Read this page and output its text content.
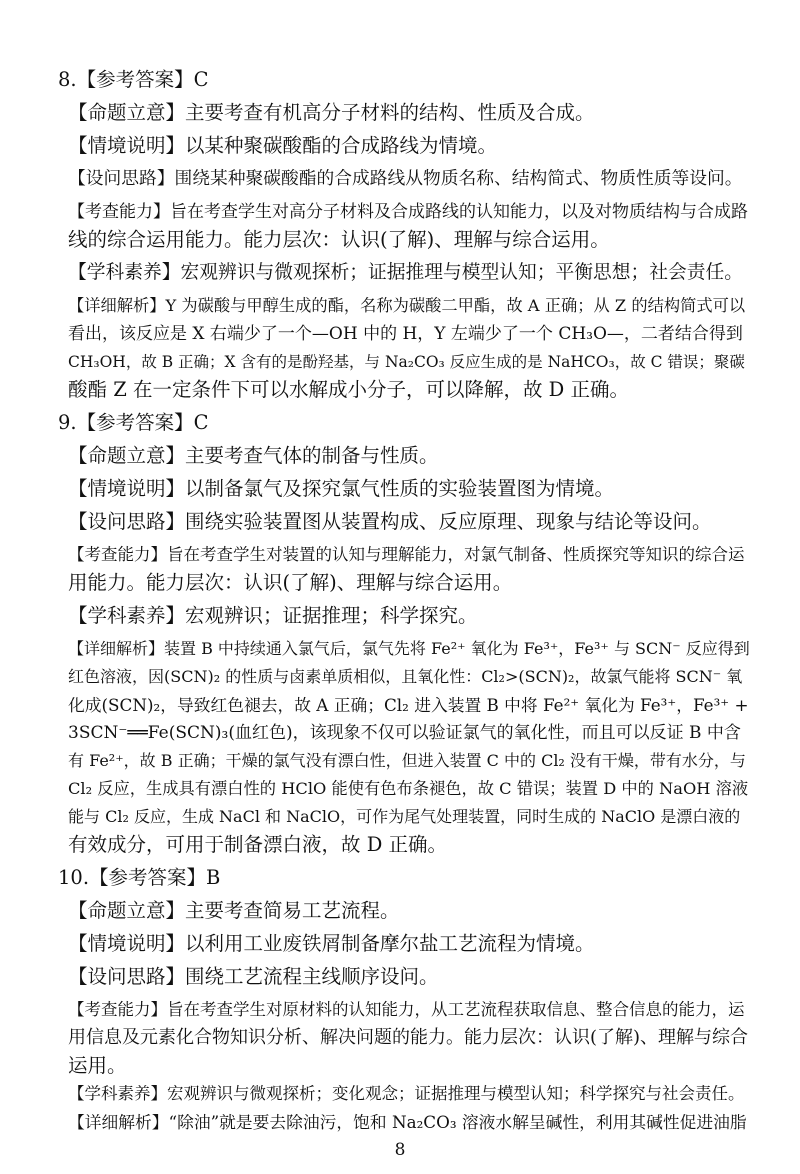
8.【参考答案】C
【命题立意】主要考查有机高分子材料的结构、性质及合成。
【情境说明】以某种聚碳酸酯的合成路线为情境。
【设问思路】围绕某种聚碳酸酯的合成路线从物质名称、结构简式、物质性质等设问。
【考查能力】旨在考查学生对高分子材料及合成路线的认知能力，以及对物质结构与合成路
线的综合运用能力。能力层次：认识(了解)、理解与综合运用。
【学科素养】宏观辨识与微观探析；证据推理与模型认知；平衡思想；社会责任。
【详细解析】Y 为碳酸与甲醇生成的酯，名称为碳酸二甲酯，故 A 正确；从 Z 的结构简式可以
看出，该反应是 X 右端少了一个—OH 中的 H，Y 左端少了一个 CH₃O—，二者结合得到
CH₃OH，故 B 正确；X 含有的是酚羟基，与 Na₂CO₃ 反应生成的是 NaHCO₃，故 C 错误；聚碳
酸酯 Z 在一定条件下可以水解成小分子，可以降解，故 D 正确。
9.【参考答案】C
【命题立意】主要考查气体的制备与性质。
【情境说明】以制备氯气及探究氯气性质的实验装置图为情境。
【设问思路】围绕实验装置图从装置构成、反应原理、现象与结论等设问。
【考查能力】旨在考查学生对装置的认知与理解能力，对氯气制备、性质探究等知识的综合运
用能力。能力层次：认识(了解)、理解与综合运用。
【学科素养】宏观辨识；证据推理；科学探究。
【详细解析】装置 B 中持续通入氯气后，氯气先将 Fe²⁺ 氧化为 Fe³⁺，Fe³⁺ 与 SCN⁻ 反应得到
红色溶液，因(SCN)₂ 的性质与卤素单质相似，且氧化性：Cl₂>(SCN)₂，故氯气能将 SCN⁻ 氧
化成(SCN)₂，导致红色褪去，故 A 正确；Cl₂ 进入装置 B 中将 Fe²⁺ 氧化为 Fe³⁺，Fe³⁺ +
3SCN⁻══Fe(SCN)₃(血红色)，该现象不仅可以验证氯气的氧化性，而且可以反证 B 中含
有 Fe²⁺，故 B 正确；干燥的氯气没有漂白性，但进入装置 C 中的 Cl₂ 没有干燥，带有水分，与
Cl₂ 反应，生成具有漂白性的 HClO 能使有色布条褪色，故 C 错误；装置 D 中的 NaOH 溶液
能与 Cl₂ 反应，生成 NaCl 和 NaClO，可作为尾气处理装置，同时生成的 NaClO 是漂白液的
有效成分，可用于制备漂白液，故 D 正确。
10.【参考答案】B
【命题立意】主要考查简易工艺流程。
【情境说明】以利用工业废铁屑制备摩尔盐工艺流程为情境。
【设问思路】围绕工艺流程主线顺序设问。
【考查能力】旨在考查学生对原材料的认知能力，从工艺流程获取信息、整合信息的能力，运
用信息及元素化合物知识分析、解决问题的能力。能力层次：认识(了解)、理解与综合
运用。
【学科素养】宏观辨识与微观探析；变化观念；证据推理与模型认知；科学探究与社会责任。
【详细解析】“除油”就是要去除油污，饱和 Na₂CO₃ 溶液水解呈碱性，利用其碱性促进油脂
8
